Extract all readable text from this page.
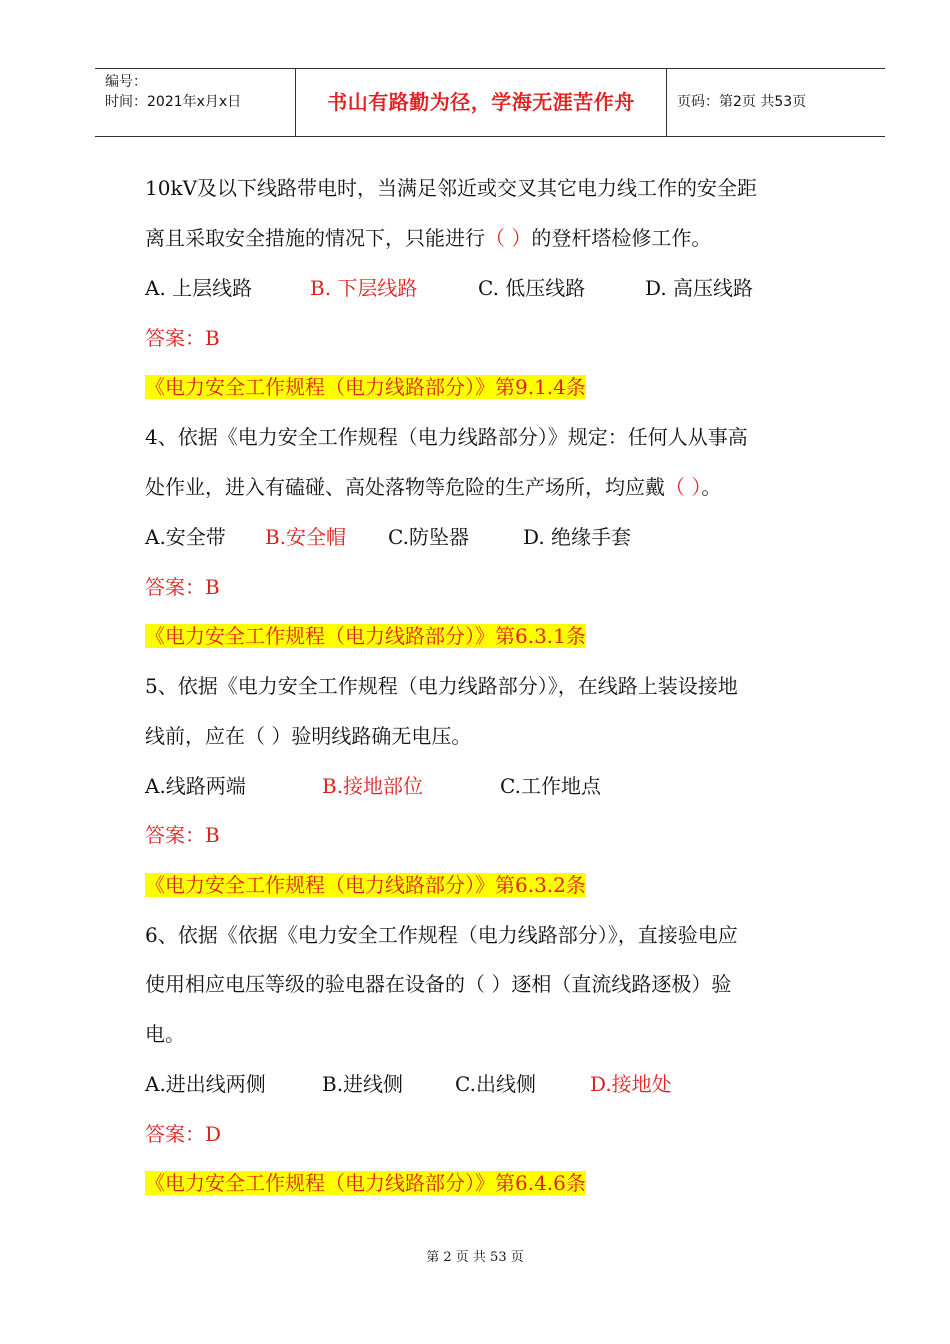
编号：
时间：2021年x月x日	书山有路勤为径，学海无涯苦作舟	页码：第2页 共53页
10kV及以下线路带电时，当满足邻近或交叉其它电力线工作的安全距
离且采取安全措施的情况下，只能进行（ ）的登杆塔检修工作。
A. 上层线路	B. 下层线路	C. 低压线路	D. 高压线路
答案：B
《电力安全工作规程（电力线路部分）》第9.1.4条
4、依据《电力安全工作规程（电力线路部分）》规定：任何人从事高
处作业，进入有磕碰、高处落物等危险的生产场所，均应戴（ ）。
A.安全带 B.安全帽 C.防坠器	D. 绝缘手套
答案：B
《电力安全工作规程（电力线路部分）》第6.3.1条
5、依据《电力安全工作规程（电力线路部分）》，在线路上装设接地
线前，应在（ ）验明线路确无电压。
A.线路两端	B.接地部位	C.工作地点
答案：B
《电力安全工作规程（电力线路部分）》第6.3.2条
6、依据《依据《电力安全工作规程（电力线路部分）》，直接验电应
使用相应电压等级的验电器在设备的（ ）逐相（直流线路逐极）验
电。
A.进出线两侧	B.进线侧	C.出线侧	D.接地处
答案：D
《电力安全工作规程（电力线路部分）》第6.4.6条
第 2 页 共 53 页
